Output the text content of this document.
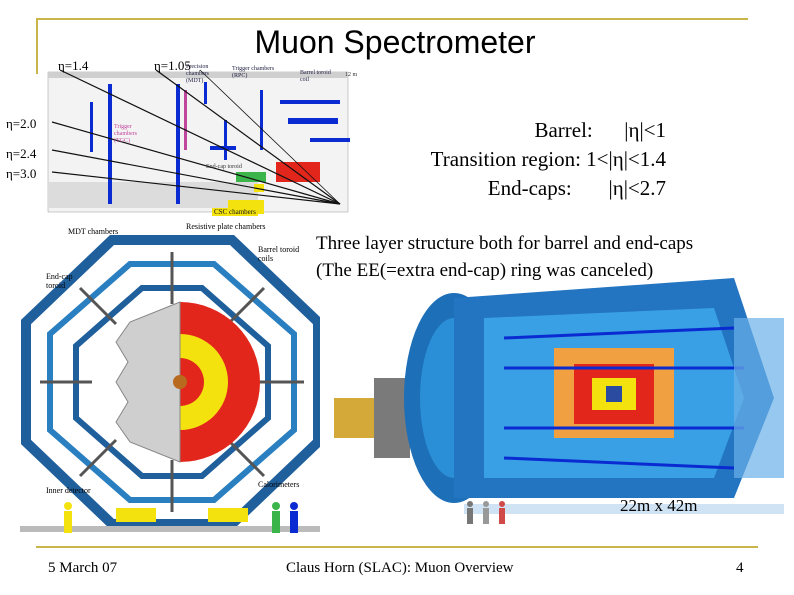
Muon Spectrometer
Precision chambers (MDT)
Trigger chambers (RPC)	Barrel toroid coil
12 m
Trigger chambers (TGC)
End-cap toroid
CSC chambers
η=1.4	η=1.05
η=2.0
η=2.4
η=3.0
MDT chambers
Resistive plate chambers
Barrel toroid coils
End-cap toroid
Inner detector
Calorimeters
Barrel: |η|<1
Transition region: 1<|η|<1.4
End-caps: |η|<2.7
Three layer structure both for barrel and end-caps
(The EE(=extra end-cap) ring was canceled)
22m x 42m
5 March 07	Claus Horn (SLAC): Muon Overview	4
